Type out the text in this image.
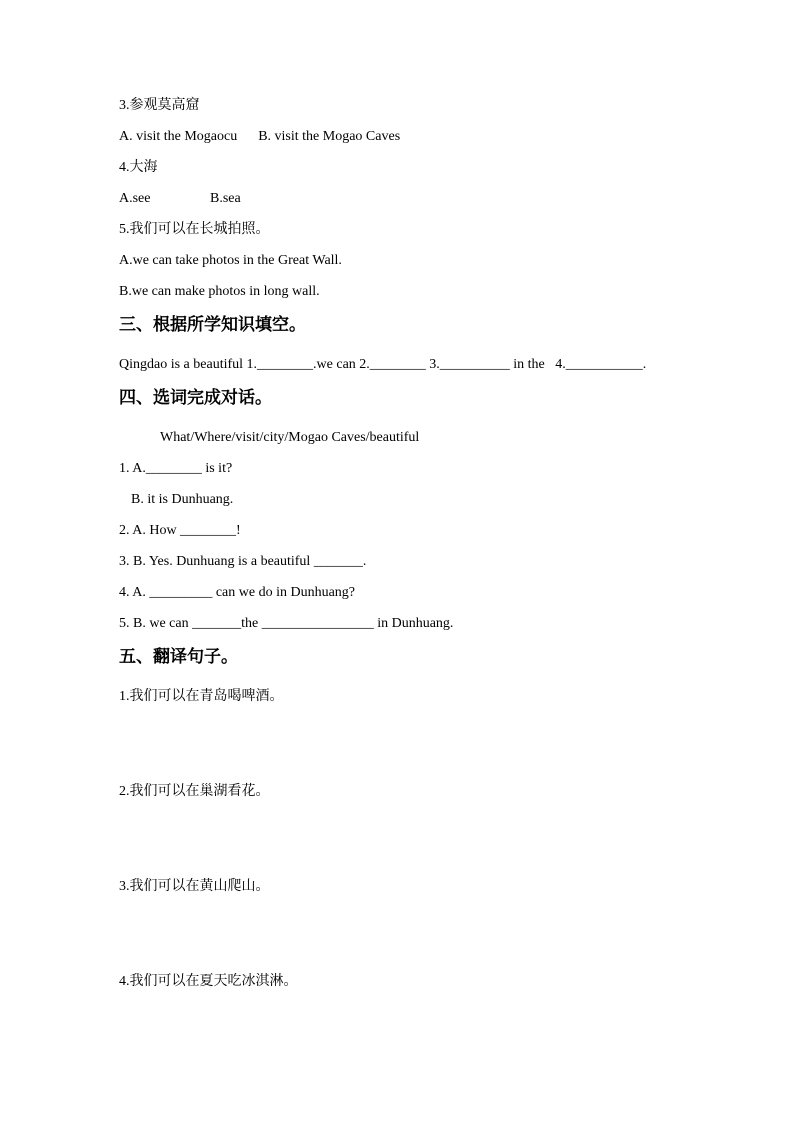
3.参观莫高窟

A. visit the Mogaocu      B. visit the Mogao Caves

4.大海

A.see                 B.sea

5.我们可以在长城拍照。

A.we can take photos in the Great Wall.

B.we can make photos in long wall.

三、根据所学知识填空。

Qingdao is a beautiful 1.________.we can 2.________ 3.__________ in the   4.___________.

四、选词完成对话。

What/Where/visit/city/Mogao Caves/beautiful

1. A.________ is it?

B. it is Dunhuang.

2. A. How ________!

3. B. Yes. Dunhuang is a beautiful _______.

4. A. _________ can we do in Dunhuang?

5. B. we can _______the ________________ in Dunhuang.

五、翻译句子。

1.我们可以在青岛喝啤酒。

2.我们可以在巢湖看花。

3.我们可以在黄山爬山。

4.我们可以在夏天吃冰淇淋。
